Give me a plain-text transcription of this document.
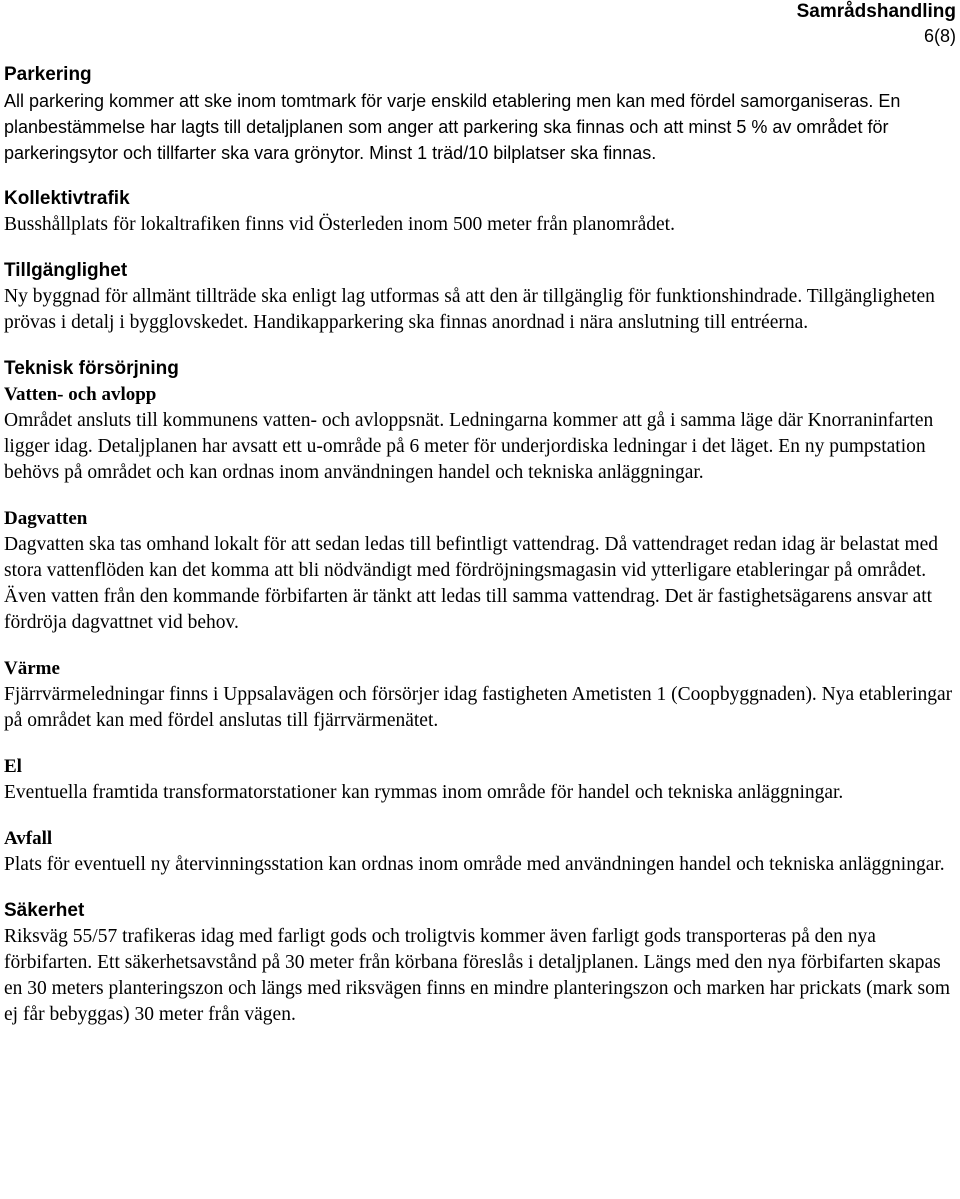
Samrådshandling
6(8)
Parkering

All parkering kommer att ske inom tomtmark för varje enskild etablering men kan med fördel samorganiseras. En planbestämmelse har lagts till detaljplanen som anger att parkering ska finnas och att minst 5 % av området för parkeringsytor och tillfarter ska vara grönytor. Minst 1 träd/10 bilplatser ska finnas.

Kollektivtrafik

Busshållplats för lokaltrafiken finns vid Österleden inom 500 meter från planområdet.

Tillgänglighet

Ny byggnad för allmänt tillträde ska enligt lag utformas så att den är tillgänglig för funktionshindrade. Tillgängligheten prövas i detalj i bygglovskedet. Handikapparkering ska finnas anordnad i nära anslutning till entréerna.

Teknisk försörjning
Vatten- och avlopp

Området ansluts till kommunens vatten- och avloppsnät. Ledningarna kommer att gå i samma läge där Knorraninfarten ligger idag. Detaljplanen har avsatt ett u-område på 6 meter för underjordiska ledningar i det läget. En ny pumpstation behövs på området och kan ordnas inom användningen handel och tekniska anläggningar.

Dagvatten

Dagvatten ska tas omhand lokalt för att sedan ledas till befintligt vattendrag. Då vattendraget redan idag är belastat med stora vattenflöden kan det komma att bli nödvändigt med fördröjningsmagasin vid ytterligare etableringar på området. Även vatten från den kommande förbifarten är tänkt att ledas till samma vattendrag. Det är fastighetsägarens ansvar att fördröja dagvattnet vid behov.

Värme

Fjärrvärmeledningar finns i Uppsalavägen och försörjer idag fastigheten Ametisten 1 (Coopbyggnaden). Nya etableringar på området kan med fördel anslutas till fjärrvärmenätet.

El

Eventuella framtida transformatorstationer kan rymmas inom område för handel och tekniska anläggningar.

Avfall

Plats för eventuell ny återvinningsstation kan ordnas inom område med användningen handel och tekniska anläggningar.

Säkerhet

Riksväg 55/57 trafikeras idag med farligt gods och troligtvis kommer även farligt gods transporteras på den nya förbifarten. Ett säkerhetsavstånd på 30 meter från körbana föreslås i detaljplanen. Längs med den nya förbifarten skapas en 30 meters planteringszon och längs med riksvägen finns en mindre planteringszon och marken har prickats (mark som ej får bebyggas) 30 meter från vägen.
